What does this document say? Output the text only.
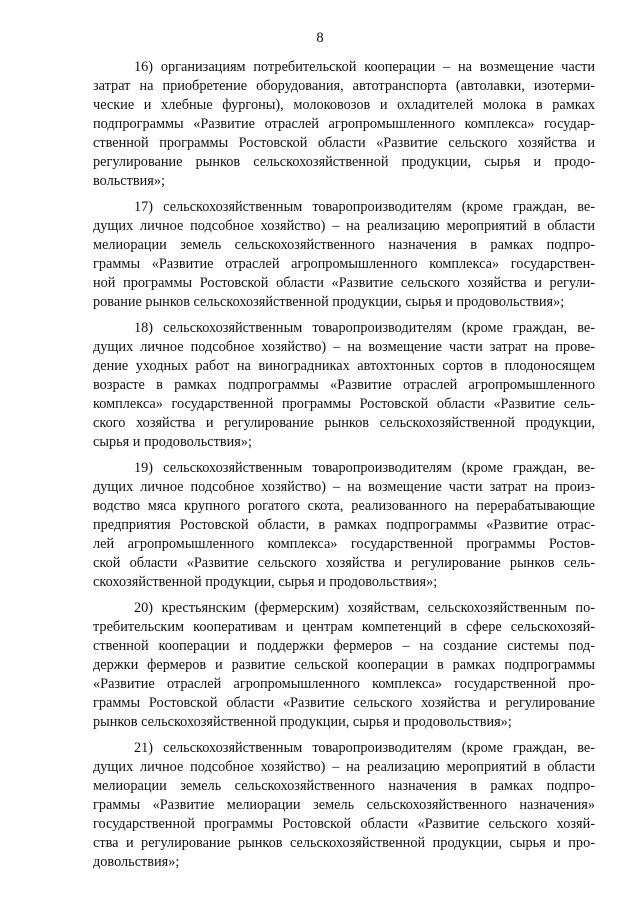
8
16) организациям потребительской кооперации – на возмещение части
затрат на приобретение оборудования, автотранспорта (автолавки, изотерми-
ческие и хлебные фургоны), молоковозов и охладителей молока в рамках
подпрограммы «Развитие отраслей агропромышленного комплекса» государ-
ственной программы Ростовской области «Развитие сельского хозяйства и
регулирование рынков сельскохозяйственной продукции, сырья и продо-
вольствия»;
17) сельскохозяйственным товаропроизводителям (кроме граждан, ве-
дущих личное подсобное хозяйство) – на реализацию мероприятий в области
мелиорации земель сельскохозяйственного назначения в рамках подпро-
граммы «Развитие отраслей агропромышленного комплекса» государствен-
ной программы Ростовской области «Развитие сельского хозяйства и регули-
рование рынков сельскохозяйственной продукции, сырья и продовольствия»;
18) сельскохозяйственным товаропроизводителям (кроме граждан, ве-
дущих личное подсобное хозяйство) – на возмещение части затрат на прове-
дение уходных работ на виноградниках автохтонных сортов в плодоносящем
возрасте в рамках подпрограммы «Развитие отраслей агропромышленного
комплекса» государственной программы Ростовской области «Развитие сель-
ского хозяйства и регулирование рынков сельскохозяйственной продукции,
сырья и продовольствия»;
19) сельскохозяйственным товаропроизводителям (кроме граждан, ве-
дущих личное подсобное хозяйство) – на возмещение части затрат на произ-
водство мяса крупного рогатого скота, реализованного на перерабатывающие
предприятия Ростовской области, в рамках подпрограммы «Развитие отрас-
лей агропромышленного комплекса» государственной программы Ростов-
ской области «Развитие сельского хозяйства и регулирование рынков сель-
скохозяйственной продукции, сырья и продовольствия»;
20) крестьянским (фермерским) хозяйствам, сельскохозяйственным по-
требительским кооперативам и центрам компетенций в сфере сельскохозяй-
ственной кооперации и поддержки фермеров – на создание системы под-
держки фермеров и развитие сельской кооперации в рамках подпрограммы
«Развитие отраслей агропромышленного комплекса» государственной про-
граммы Ростовской области «Развитие сельского хозяйства и регулирование
рынков сельскохозяйственной продукции, сырья и продовольствия»;
21) сельскохозяйственным товаропроизводителям (кроме граждан, ве-
дущих личное подсобное хозяйство) – на реализацию мероприятий в области
мелиорации земель сельскохозяйственного назначения в рамках подпро-
граммы «Развитие мелиорации земель сельскохозяйственного назначения»
государственной программы Ростовской области «Развитие сельского хозяй-
ства и регулирование рынков сельскохозяйственной продукции, сырья и про-
довольствия»;
